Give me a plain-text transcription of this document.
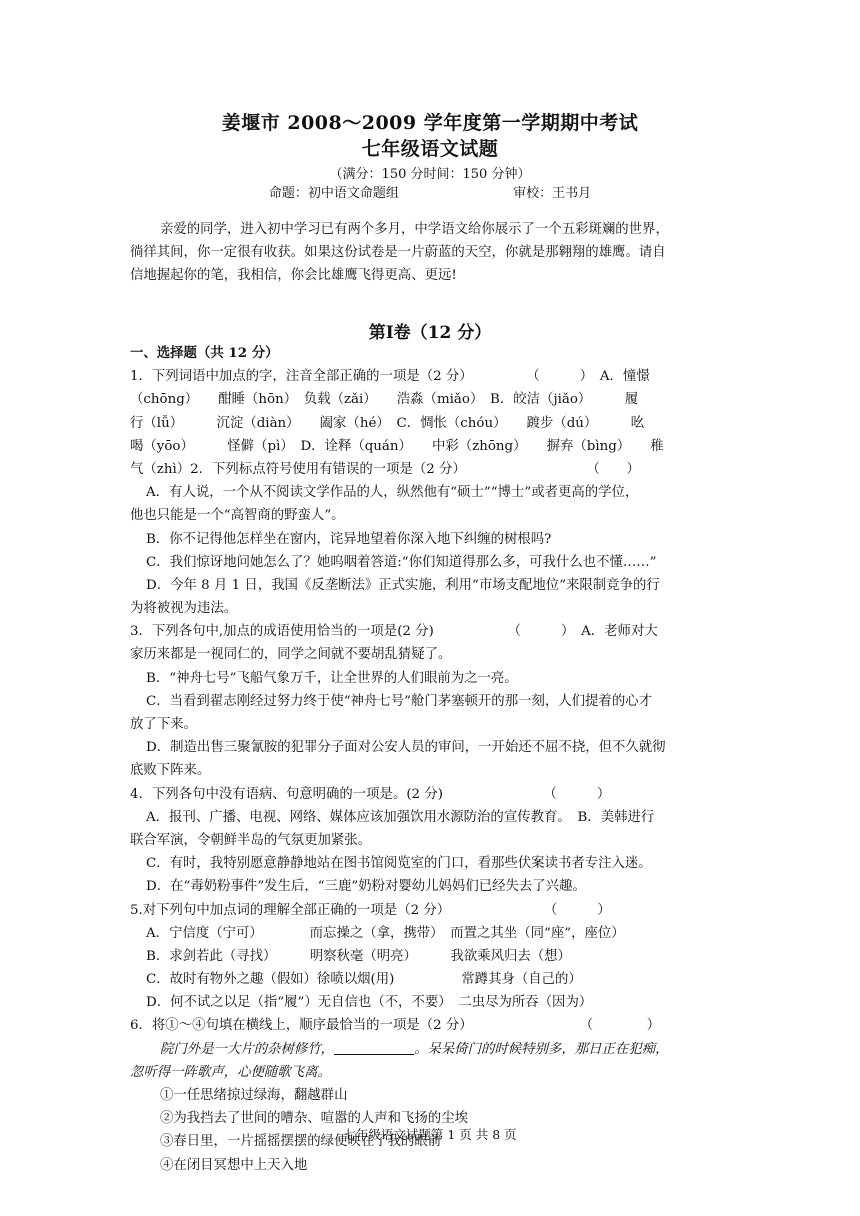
姜堰市 2008～2009 学年度第一学期期中考试
七年级语文试题
（满分：150 分时间：150 分钟）
命题：初中语文命题组	审校：王书月
亲爱的同学，进入初中学习已有两个多月，中学语文给你展示了一个五彩斑斓的世界，
徜徉其间，你一定很有收获。如果这份试卷是一片蔚蓝的天空，你就是那翱翔的雄鹰。请自
信地握起你的笔，我相信，你会比雄鹰飞得更高、更远!
第Ⅰ卷（12 分）
一、选择题（共 12 分）
1．下列词语中加点的字，注音全部正确的一项是（2 分）　　　　　（　　　）　A．憧憬
（chōng）　　酣睡（hōn）　负载（zǎi）　　浩淼（miǎo）　B．皎洁（jiǎo）　　　履
行（lǚ）　　　沉淀（diàn）　　阖家（hé）　C．惆怅（chóu）　　踱步（dú）　　　吆
喝（yōo）　　　怪僻（pì）　D．诠释（quán）　　中彩（zhōng）　　摒弃（bìng）　　稚
气（zhì）2．下列标点符号使用有错误的一项是（2 分）　　　　　　　　　　（　　）
A．有人说，一个从不阅读文学作品的人，纵然他有“硕士”“博士”或者更高的学位，
他也只能是一个“高智商的野蛮人”。
B．你不记得他怎样坐在窗内，诧异地望着你深入地下纠缠的树根吗?
C．我们惊讶地问她怎么了？她呜咽着答道:“你们知道得那么多，可我什么也不懂……”
D．今年 8 月 1 日，我国《反垄断法》正式实施，利用“市场支配地位”来限制竞争的行
为将被视为违法。
3．下列各句中,加点的成语使用恰当的一项是(2 分)　　　　　　（　　　）　A．老师对大
家历来都是一视同仁的，同学之间就不要胡乱猜疑了。
B．“神舟七号”飞船气象万千，让全世界的人们眼前为之一亮。
C．当看到翟志刚经过努力终于使“神舟七号”舱门茅塞顿开的那一刻，人们提着的心才
放了下来。
D．制造出售三聚氰胺的犯罪分子面对公安人员的审问，一开始还不屈不挠，但不久就彻
底败下阵来。
4．下列各句中没有语病、句意明确的一项是。(2 分)　　　　　　　　（　　　）
A．报刊、广播、电视、网络、媒体应该加强饮用水源防治的宣传教育。　B．美韩进行
联合军演，令朝鲜半岛的气氛更加紧张。
C．有时，我特别愿意静静地站在图书馆阅览室的门口，看那些伏案读书者专注入迷。
D．在“毒奶粉事件”发生后，“三鹿”奶粉对婴幼儿妈妈们已经失去了兴趣。
5.对下列句中加点词的理解全部正确的一项是（2 分）　　　　　　　　（　　　）
A．宁信度（宁可）　　　　而忘操之（拿，携带）　而置之其坐（同“座”，座位）
B．求剑若此（寻找）　　　明察秋毫（明亮）　　　我欲乘风归去（想）
C．故时有物外之趣（假如）徐喷以烟(用)　　　　　常蹲其身（自己的）
D．何不试之以足（指“履”）无自信也（不，不要）　二虫尽为所吞（因为）
6．将①～④句填在横线上，顺序最恰当的一项是（2 分）　　　　　　　　　（　　　　）
院门外是一大片的杂树修竹，	。呆呆倚门的时候特别多，那日正在犯痴，
忽听得一阵歌声，心便随歌飞离。
①一任思绪掠过绿海，翻越群山
②为我挡去了世间的嘈杂、喧嚣的人声和飞扬的尘埃
③春日里，一片摇摇摆摆的绿便映在了我的眼前
④在闭目冥想中上天入地
七年级语文试题第 1 页 共 8 页
